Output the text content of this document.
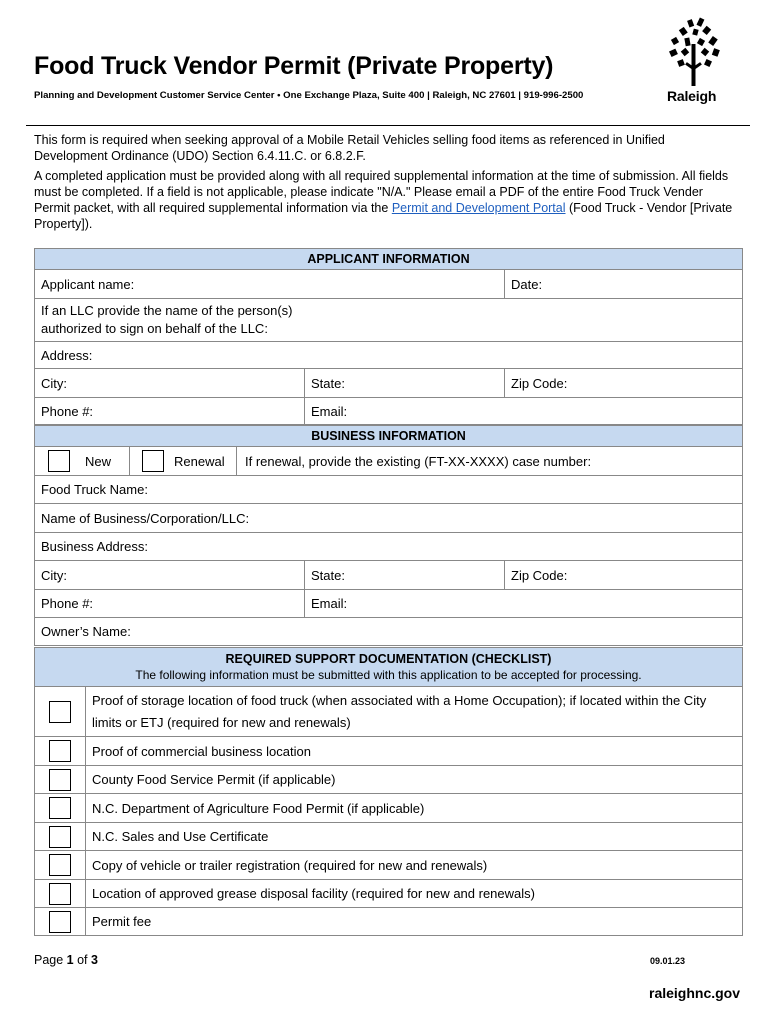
Food Truck Vendor Permit (Private Property)
Planning and Development Customer Service Center • One Exchange Plaza, Suite 400 | Raleigh, NC 27601 | 919-996-2500	Raleigh
This form is required when seeking approval of a Mobile Retail Vehicles selling food items as referenced in Unified Development Ordinance (UDO) Section 6.4.11.C. or 6.8.2.F.
A completed application must be provided along with all required supplemental information at the time of submission. All fields must be completed. If a field is not applicable, please indicate "N/A." Please email a PDF of the entire Food Truck Vender Permit packet, with all required supplemental information via the Permit and Development Portal (Food Truck - Vendor [Private Property]).
APPLICANT INFORMATION		
Applicant name:		Date:
If an LLC provide the name of the person(s)
authorized to sign on behalf of the LLC:		
Address:		
City:	State:	Zip Code:
Phone #:	Email:	
BUSINESS INFORMATION		

New Renewal If renewal, provide the existing (FT-XX-XXXX) case number:		

Food Truck Name:		
Name of Business/Corporation/LLC:		
Business Address:		
City:	State:	Zip Code:
Phone #:	Email:	
Owner’s Name:		
REQUIRED SUPPORT DOCUMENTATION (CHECKLIST)
The following information must be submitted with this application to be accepted for processing.	
	Proof of storage location of food truck (when associated with a Home Occupation); if located within the City
limits or ETJ (required for new and renewals)
	Proof of commercial business location
	County Food Service Permit (if applicable)
	N.C. Department of Agriculture Food Permit (if applicable)
	N.C. Sales and Use Certificate
	Copy of vehicle or trailer registration (required for new and renewals)
	Location of approved grease disposal facility (required for new and renewals)
	Permit fee
Page 1 of 3	09.01.23
raleighnc.gov
